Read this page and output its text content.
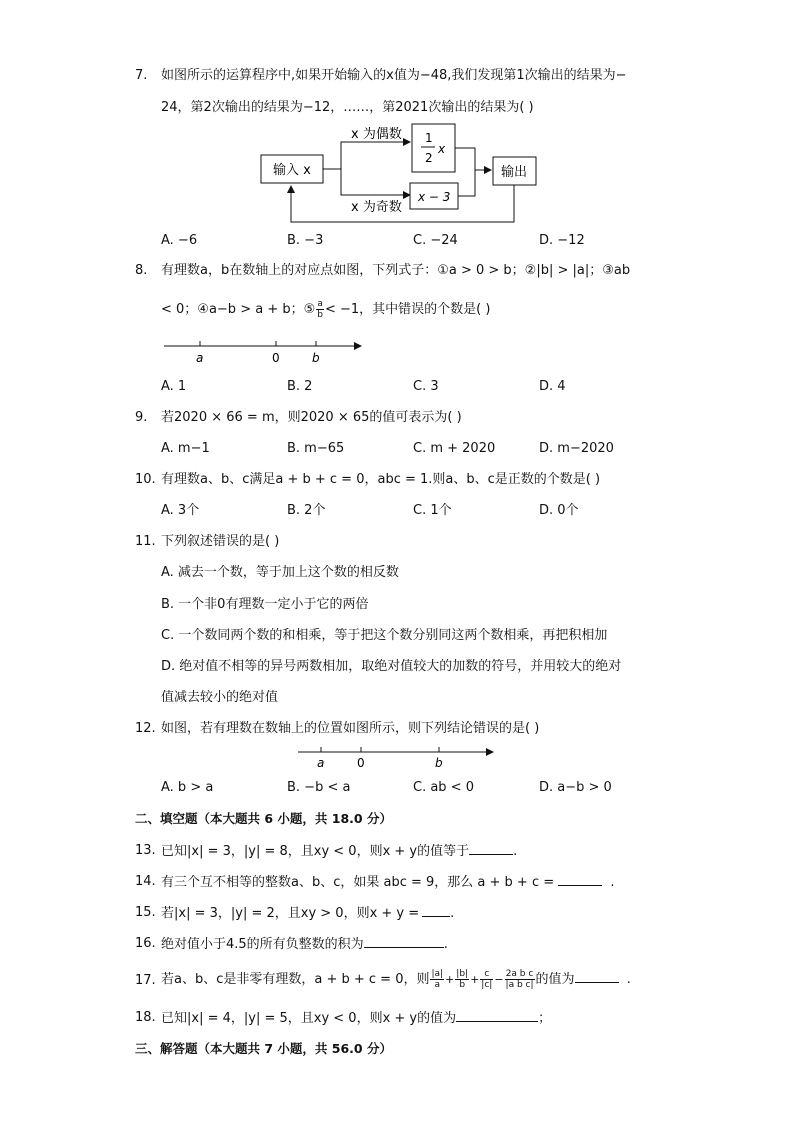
7. 如图所示的运算程序中,如果开始输入的x值为−48,我们发现第1次输出的结果为−
24，第2次输出的结果为−12，……，第2021次输出的结果为( )
输入 x
x 为偶数
x 为奇数
1
2
x
x − 3
输出
A. −6	B. −3	C. −24	D. −12
8. 有理数a，b在数轴上的对应点如图，下列式子：①a > 0 > b；②|b| > |a|；③ab
< 0；④a−b > a + b；⑤ $\frac{a}{b} < -1$，其中错误的个数是( )
a	0	b
A. 1	B. 2	C. 3	D. 4
9. 若2020 × 66 = m，则2020 × 65的值可表示为( )
A. m−1	B. m−65	C. m + 2020	D. m−2020
10. 有理数a、b、c满足a + b + c = 0，abc = 1.则a、b、c是正数的个数是( )
A. 3个	B. 2个	C. 1个	D. 0个
11. 下列叙述错误的是( )
A. 减去一个数，等于加上这个数的相反数
B. 一个非0有理数一定小于它的两倍
C. 一个数同两个数的和相乘，等于把这个数分别同这两个数相乘，再把积相加
D. 绝对值不相等的异号两数相加，取绝对值较大的加数的符号，并用较大的绝对
值减去较小的绝对值
12. 如图，若有理数在数轴上的位置如图所示，则下列结论错误的是( )
a	0	b
A. b > a	B. −b < a	C. ab < 0	D. a−b > 0
二、填空题（本大题共 6 小题，共 18.0 分）
13. 已知|x| = 3，|y| = 8，且xy < 0，则x + y的值等于	.
14. 有三个互不相等的整数a、b、c，如果 abc = 9，那么 a + b + c =	.
15. 若|x| = 3，|y| = 2，且xy > 0，则x + y = .
16. 绝对值小于4.5的所有负整数的积为	.
17. 若a、b、c是非零有理数，a + b + c = 0，则 $\frac{|a|}{a} + \frac{|b|}{b} + \frac{c}{|c|} - \frac{\text{2a b c}}{\text{|a b c|}}$ 的值为	.
18. 已知|x| = 4，|y| = 5，且xy < 0，则x + y的值为	；
三、解答题（本大题共 7 小题，共 56.0 分）
